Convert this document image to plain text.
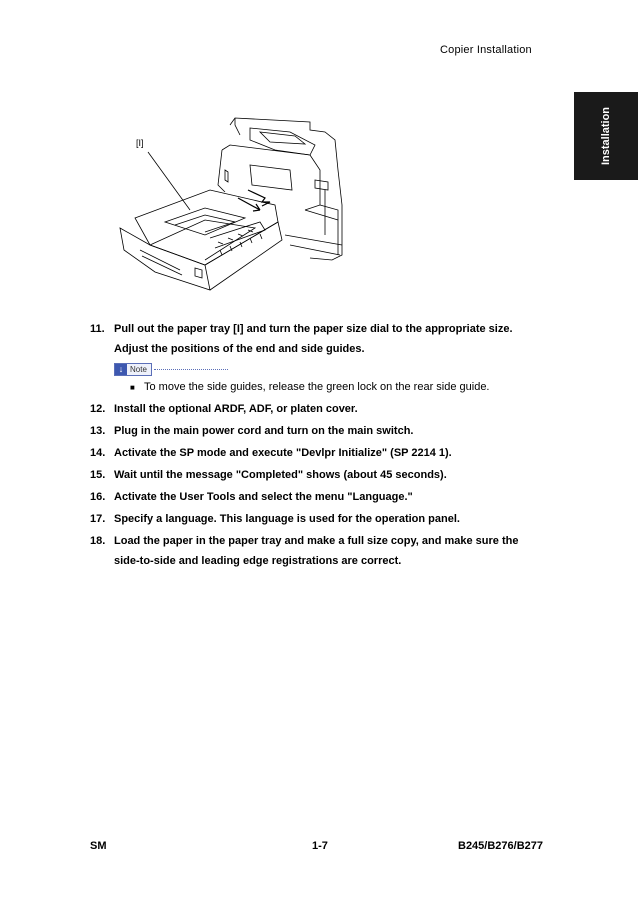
Copier Installation
Installation
[I]
11. Pull out the paper tray [I] and turn the paper size dial to the appropriate size.
Adjust the positions of the end and side guides.
↓ Note
■ To move the side guides, release the green lock on the rear side guide.
12. Install the optional ARDF, ADF, or platen cover.
13. Plug in the main power cord and turn on the main switch.
14. Activate the SP mode and execute "Devlpr Initialize" (SP 2214 1).
15. Wait until the message "Completed" shows (about 45 seconds).
16. Activate the User Tools and select the menu "Language."
17. Specify a language. This language is used for the operation panel.
18. Load the paper in the paper tray and make a full size copy, and make sure the
side-to-side and leading edge registrations are correct.
SM	1-7	B245/B276/B277
